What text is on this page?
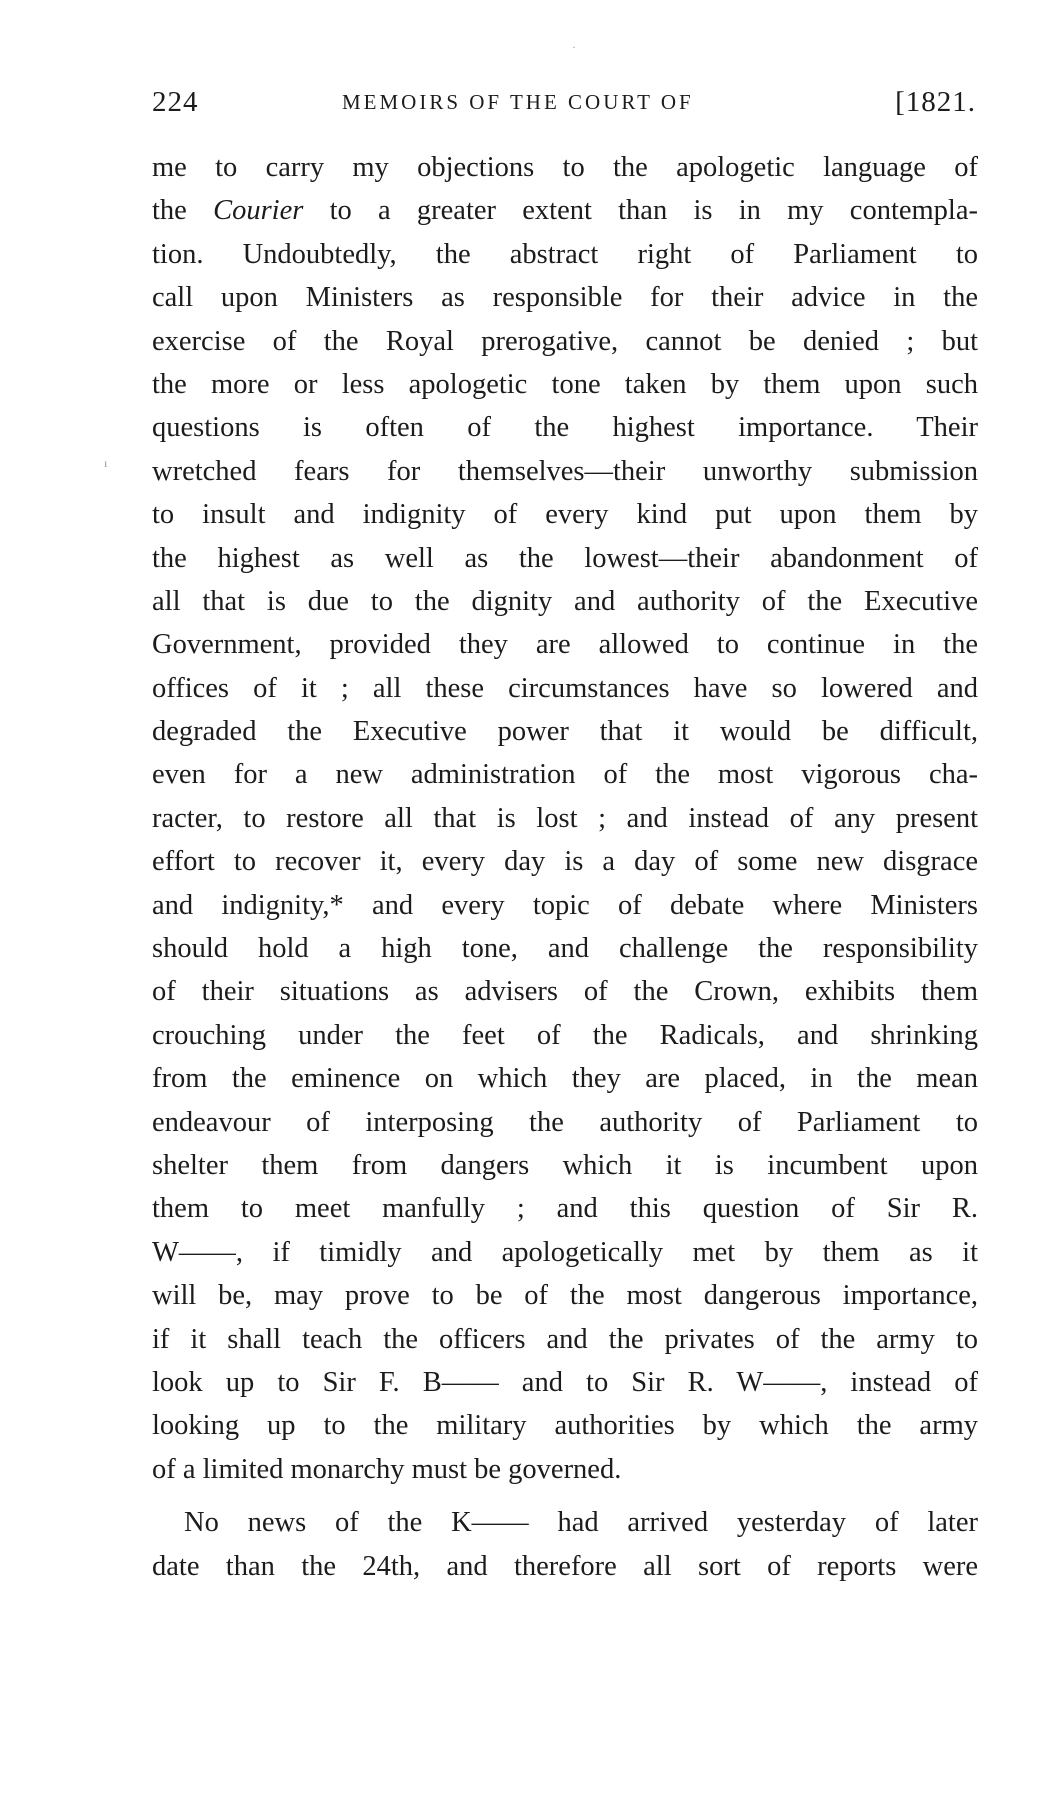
·
ı
224	MEMOIRS OF THE COURT OF	[1821.
me to carry my objections to the apologetic language of
the Courier to a greater extent than is in my contempla-
tion. Undoubtedly, the abstract right of Parliament to
call upon Ministers as responsible for their advice in the
exercise of the Royal prerogative, cannot be denied ; but
the more or less apologetic tone taken by them upon such
questions is often of the highest importance. Their
wretched fears for themselves—their unworthy submission
to insult and indignity of every kind put upon them by
the highest as well as the lowest—their abandonment of
all that is due to the dignity and authority of the Executive
Government, provided they are allowed to continue in the
offices of it ; all these circumstances have so lowered and
degraded the Executive power that it would be difficult,
even for a new administration of the most vigorous cha-
racter, to restore all that is lost ; and instead of any present
effort to recover it, every day is a day of some new disgrace
and indignity,* and every topic of debate where Ministers
should hold a high tone, and challenge the responsibility
of their situations as advisers of the Crown, exhibits them
crouching under the feet of the Radicals, and shrinking
from the eminence on which they are placed, in the mean
endeavour of interposing the authority of Parliament to
shelter them from dangers which it is incumbent upon
them to meet manfully ; and this question of Sir R.
W——, if timidly and apologetically met by them as it
will be, may prove to be of the most dangerous importance,
if it shall teach the officers and the privates of the army to
look up to Sir F. B—— and to Sir R. W——, instead of
looking up to the military authorities by which the army
of a limited monarchy must be governed.
No news of the K—— had arrived yesterday of later
date than the 24th, and therefore all sort of reports were
